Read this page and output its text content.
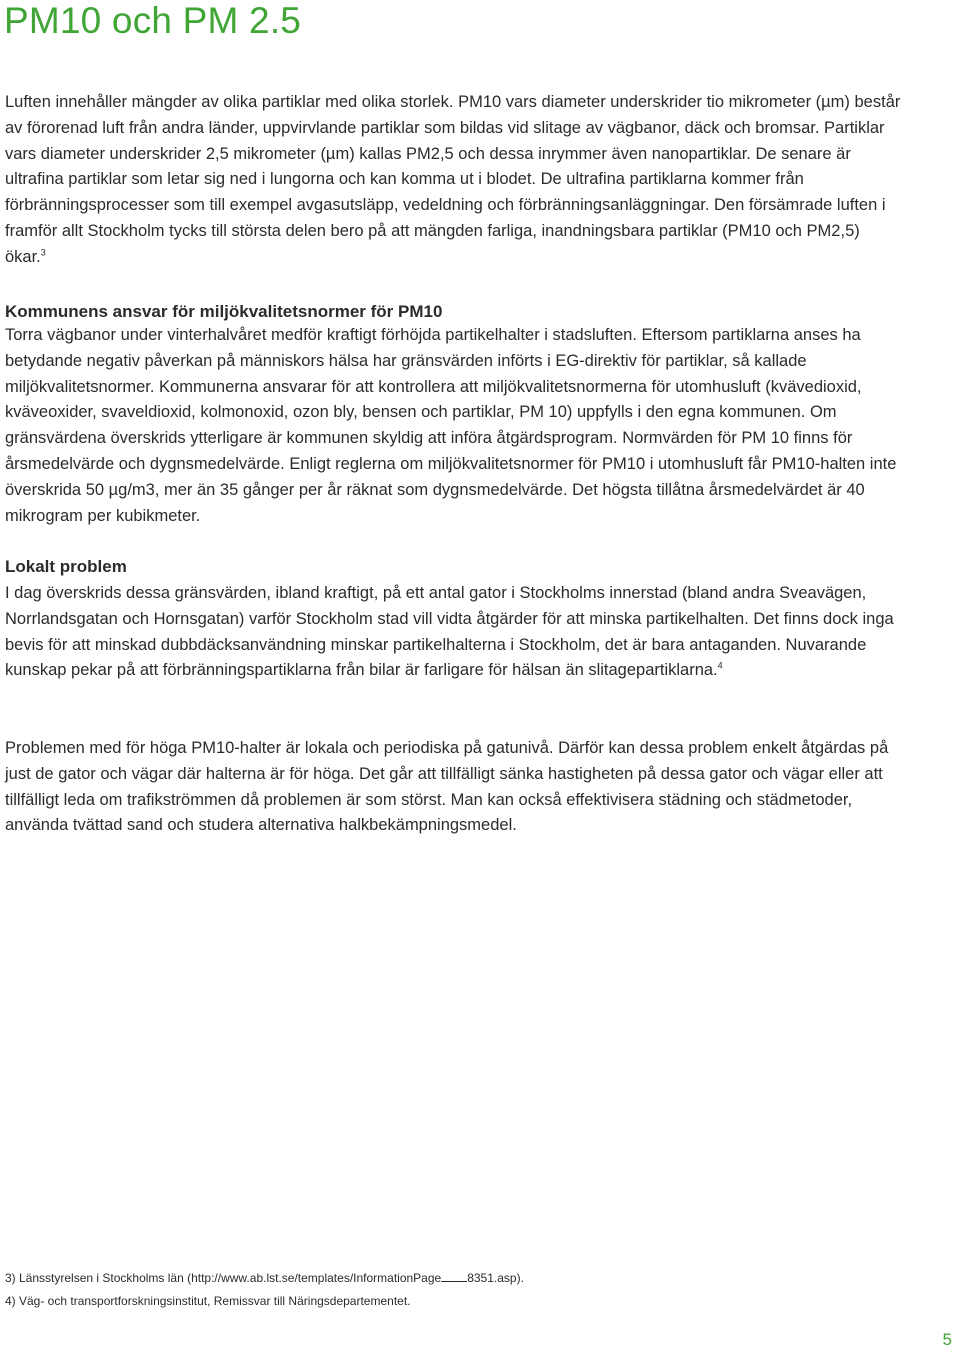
PM10 och PM 2.5

Luften innehåller mängder av olika partiklar med olika storlek. PM10 vars diameter underskrider tio mikrometer (µm) består av förorenad luft från andra länder, uppvirvlande partiklar som bildas vid slitage av vägbanor, däck och bromsar. Partiklar vars diameter underskrider 2,5 mikrometer (µm) kallas PM2,5 och dessa inrymmer även nanopartiklar. De senare är ultrafina partiklar som letar sig ned i lungorna och kan komma ut i blodet. De ultrafina partiklarna kommer från förbränningsprocesser som till exempel avgasutsläpp, vedeldning och förbränningsanläggningar. Den försämrade luften i framför allt Stockholm tycks till största delen bero på att mängden farliga, inandningsbara partiklar (PM10 och PM2,5) ökar.$^3$

Kommunens ansvar för miljökvalitetsnormer för PM10

Torra vägbanor under vinterhalvåret medför kraftigt förhöjda partikelhalter i stadsluften. Eftersom partiklarna anses ha betydande negativ påverkan på människors hälsa har gränsvärden införts i EG-direktiv för partiklar, så kallade miljökvalitetsnormer. Kommunerna ansvarar för att kontrollera att miljökvalitetsnormerna för utomhusluft (kvävedioxid, kväveoxider, svaveldioxid, kolmonoxid, ozon bly, bensen och partiklar, PM 10) uppfylls i den egna kommunen. Om gränsvärdena överskrids ytterligare är kommunen skyldig att införa åtgärdsprogram. Normvärden för PM 10 finns för årsmedelvärde och dygnsmedelvärde. Enligt reglerna om miljökvalitetsnormer för PM10 i utomhusluft får PM10-halten inte överskrida 50 µg/m3, mer än 35 gånger per år räknat som dygnsmedelvärde. Det högsta tillåtna årsmedelvärdet är 40 mikrogram per kubikmeter.

Lokalt problem

I dag överskrids dessa gränsvärden, ibland kraftigt, på ett antal gator i Stockholms innerstad (bland andra Sveavägen, Norrlandsgatan och Hornsgatan) varför Stockholm stad vill vidta åtgärder för att minska partikelhalten. Det finns dock inga bevis för att minskad dubbdäcksanvändning minskar partikelhalterna i Stockholm, det är bara antaganden. Nuvarande kunskap pekar på att förbränningspartiklarna från bilar är farligare för hälsan än slitagepartiklarna.$^4$

Problemen med för höga PM10-halter är lokala och periodiska på gatunivå. Därför kan dessa problem enkelt åtgärdas på just de gator och vägar där halterna är för höga. Det går att tillfälligt sänka hastigheten på dessa gator och vägar eller att tillfälligt leda om trafikströmmen då problemen är som störst. Man kan också effektivisera städning och städmetoder, använda tvättad sand och studera alternativa halkbekämpningsmedel.

3) Länsstyrelsen i Stockholms län (http://www.ab.lst.se/templates/InformationPage 8351.asp).

4) Väg- och transportforskningsinstitut, Remissvar till Näringsdepartementet.

5
